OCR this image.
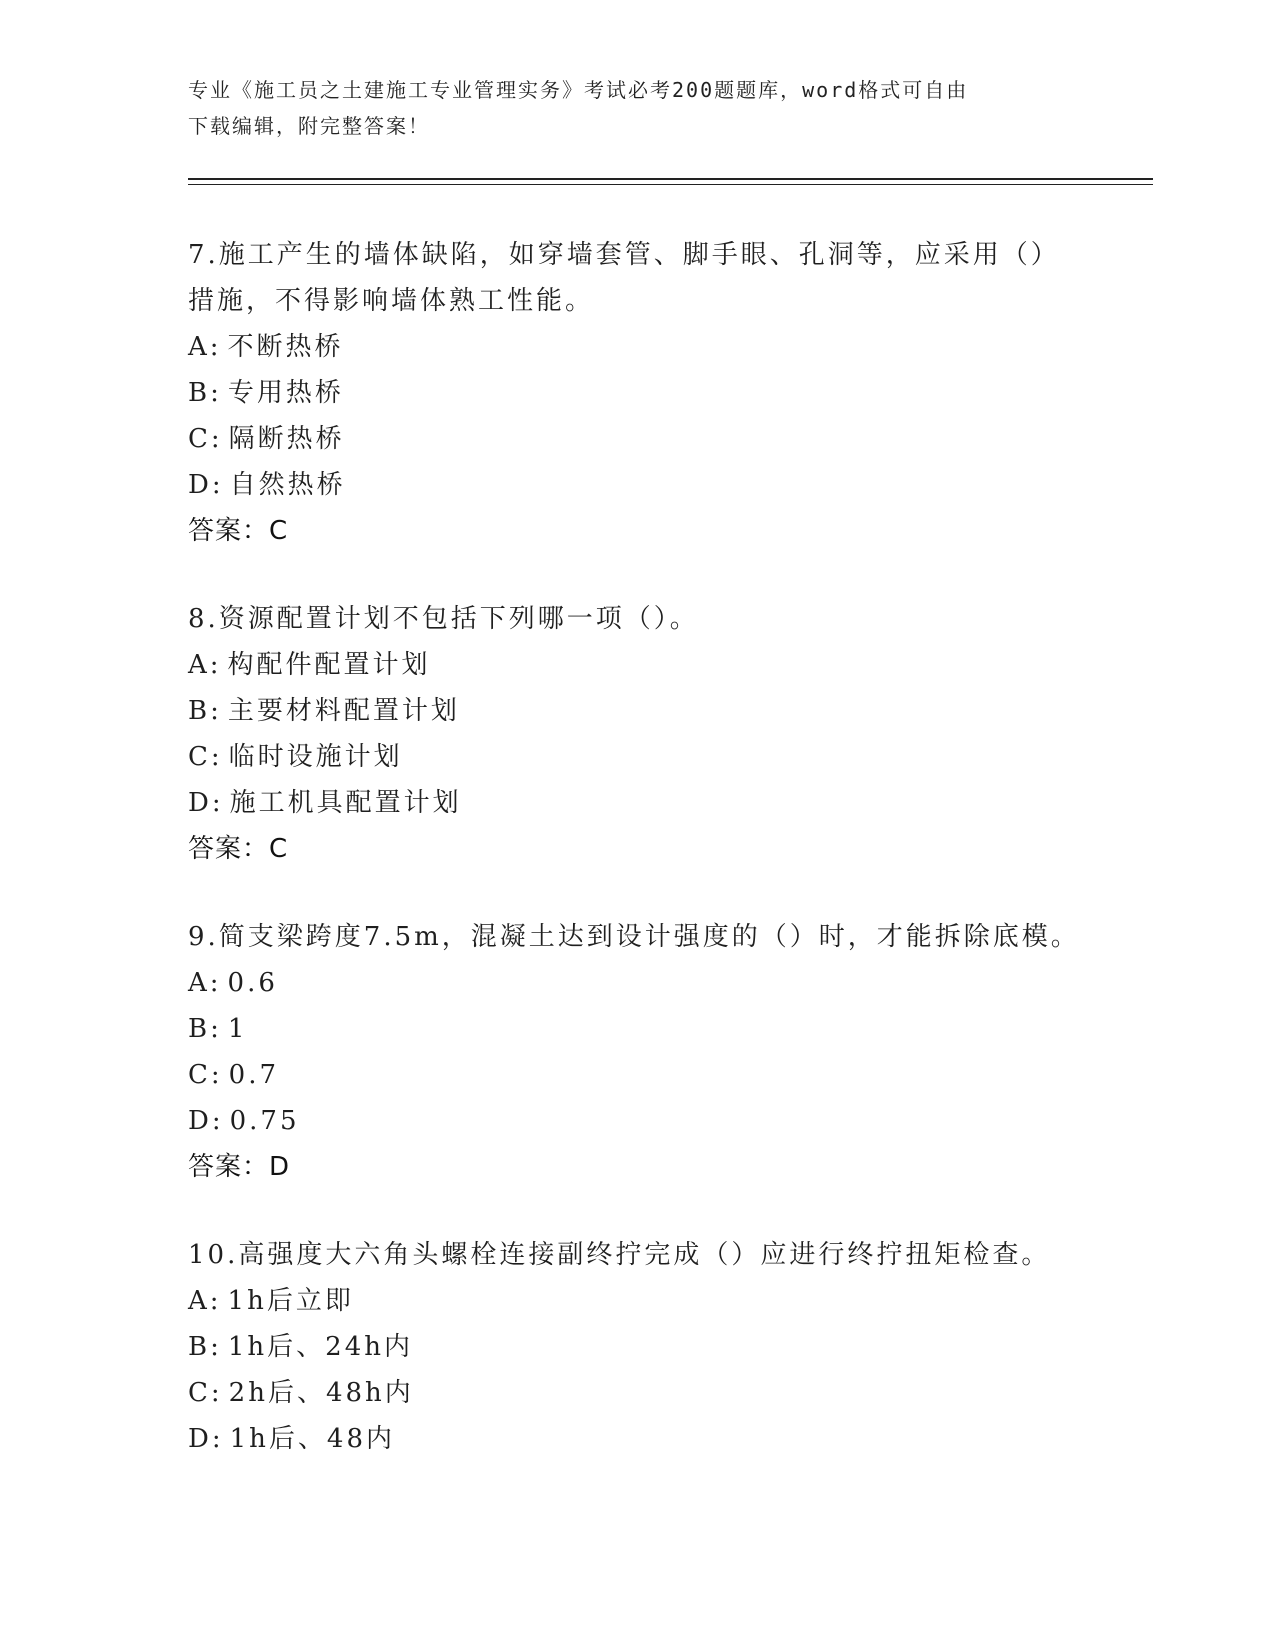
专业《施工员之土建施工专业管理实务》考试必考200题题库，word格式可自由
下载编辑，附完整答案！
7.施工产生的墙体缺陷，如穿墙套管、脚手眼、孔洞等，应采用（）
措施，不得影响墙体熟工性能。
A: 不断热桥
B: 专用热桥
C: 隔断热桥
D: 自然热桥
答案：C
8.资源配置计划不包括下列哪一项（）。
A: 构配件配置计划
B: 主要材料配置计划
C: 临时设施计划
D: 施工机具配置计划
答案：C
9.简支梁跨度7.5m，混凝土达到设计强度的（）时，才能拆除底模。
A: 0.6
B: 1
C: 0.7
D: 0.75
答案：D
10.高强度大六角头螺栓连接副终拧完成（）应进行终拧扭矩检查。
A: 1h后立即
B: 1h后、24h内
C: 2h后、48h内
D: 1h后、48内
